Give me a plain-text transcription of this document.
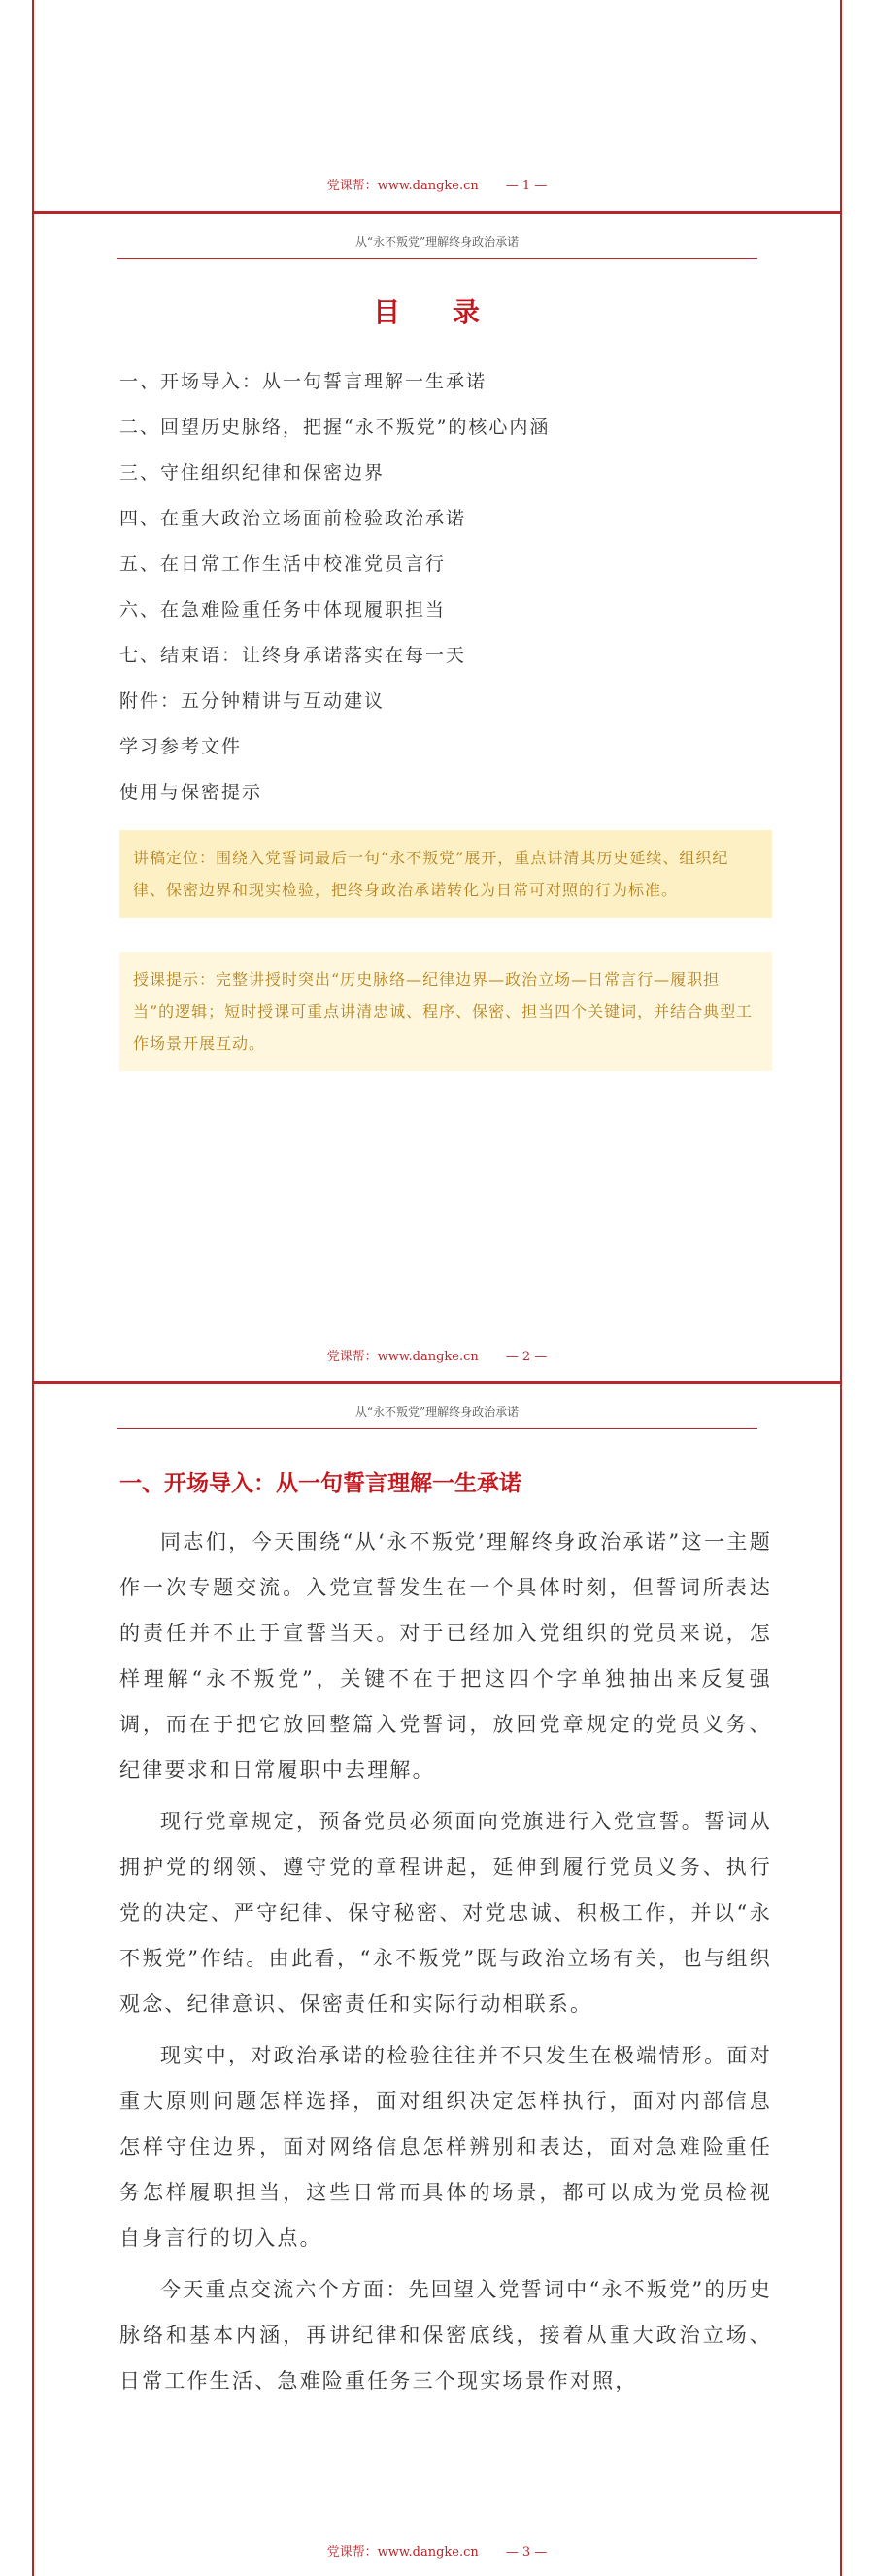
党课帮：www.dangke.cn — 1 —
从“永不叛党”理解终身政治承诺
目 录
一、开场导入：从一句誓言理解一生承诺
二、回望历史脉络，把握“永不叛党”的核心内涵
三、守住组织纪律和保密边界
四、在重大政治立场面前检验政治承诺
五、在日常工作生活中校准党员言行
六、在急难险重任务中体现履职担当
七、结束语：让终身承诺落实在每一天
附件：五分钟精讲与互动建议
学习参考文件
使用与保密提示
讲稿定位：围绕入党誓词最后一句“永不叛党”展开，重点讲清其历史延续、组织纪律、保密边界和现实检验，把终身政治承诺转化为日常可对照的行为标准。
授课提示：完整讲授时突出“历史脉络—纪律边界—政治立场—日常言行—履职担当”的逻辑；短时授课可重点讲清忠诚、程序、保密、担当四个关键词，并结合典型工作场景开展互动。
党课帮：www.dangke.cn — 2 —
从“永不叛党”理解终身政治承诺
一、开场导入：从一句誓言理解一生承诺

同志们，今天围绕“从‘永不叛党’理解终身政治承诺”这一主题作一次专题交流。入党宣誓发生在一个具体时刻，但誓词所表达的责任并不止于宣誓当天。对于已经加入党组织的党员来说，怎样理解“永不叛党”，关键不在于把这四个字单独抽出来反复强调，而在于把它放回整篇入党誓词，放回党章规定的党员义务、纪律要求和日常履职中去理解。

现行党章规定，预备党员必须面向党旗进行入党宣誓。誓词从拥护党的纲领、遵守党的章程讲起，延伸到履行党员义务、执行党的决定、严守纪律、保守秘密、对党忠诚、积极工作，并以“永不叛党”作结。由此看，“永不叛党”既与政治立场有关，也与组织观念、纪律意识、保密责任和实际行动相联系。

现实中，对政治承诺的检验往往并不只发生在极端情形。面对重大原则问题怎样选择，面对组织决定怎样执行，面对内部信息怎样守住边界，面对网络信息怎样辨别和表达，面对急难险重任务怎样履职担当，这些日常而具体的场景，都可以成为党员检视自身言行的切入点。

今天重点交流六个方面：先回望入党誓词中“永不叛党”的历史脉络和基本内涵，再讲纪律和保密底线，接着从重大政治立场、日常工作生活、急难险重任务三个现实场景作对照，

党课帮：www.dangke.cn — 3 —
